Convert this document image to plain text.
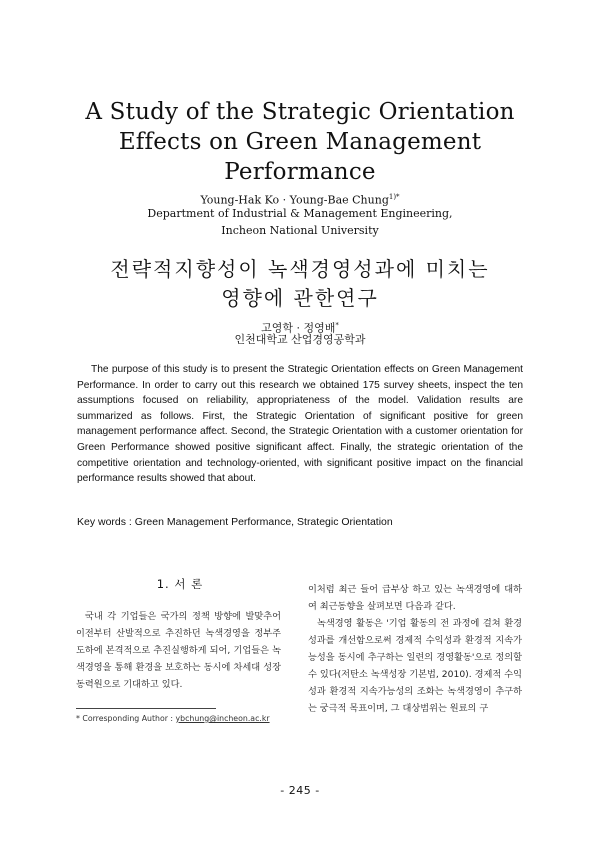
A Study of the Strategic Orientation
Effects on Green Management
Performance
Young-Hak Ko · Young-Bae Chung$^{1)*}$
Department of Industrial & Management Engineering,
Incheon National University
전략적지향성이 녹색경영성과에 미치는
영향에 관한연구
고영학 · 정영배*
인천대학교 산업경영공학과

The purpose of this study is to present the Strategic Orientation effects on Green Management Performance. In order to carry out this research we obtained 175 survey sheets, inspect the ten assumptions focused on reliability, appropriateness of the model. Validation results are summarized as follows. First, the Strategic Orientation of significant positive for green management performance affect. Second, the Strategic Orientation with a customer orientation for Green Performance showed positive significant affect. Finally, the strategic orientation of the competitive orientation and technology-oriented, with significant positive impact on the financial performance results showed that about.

Key words : Green Management Performance, Strategic Orientation
1. 서 론

국내 각 기업들은 국가의 정책 방향에 발맞추어 이전부터 산발적으로 추진하던 녹색경영을 정부주도하에 본격적으로 추진실행하게 되어, 기업들은 녹색경영을 통해 환경을 보호하는 동시에 차세대 성장 동력원으로 기대하고 있다.

이처럼 최근 들어 급부상 하고 있는 녹색경영에 대하여 최근동향을 살펴보면 다음과 같다.

녹색경영 활동은 '기업 활동의 전 과정에 걸쳐 환경성과를 개선함으로써 경제적 수익성과 환경적 지속가능성을 동시에 추구하는 일련의 경영활동'으로 정의할 수 있다(저탄소 녹색성장 기본법, 2010). 경제적 수익성과 환경적 지속가능성의 조화는 녹색경영이 추구하는 궁극적 목표이며, 그 대상범위는 원료의 구

* Corresponding Author : ybchung@incheon.ac.kr
- 245 -
